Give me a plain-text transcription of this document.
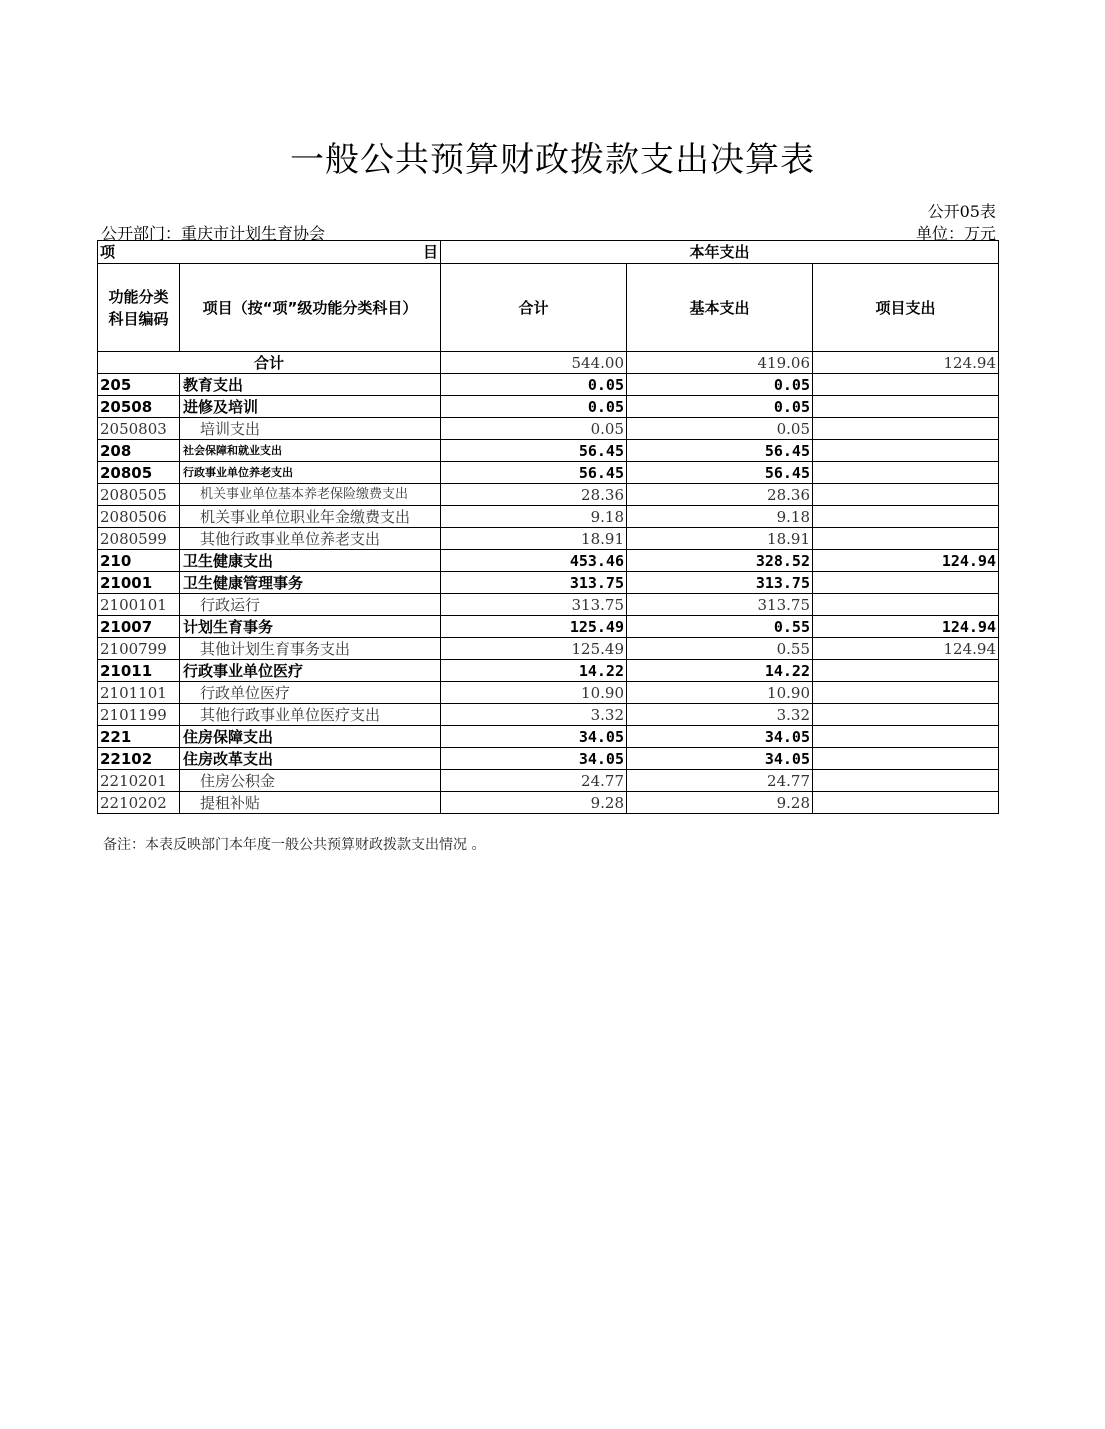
一般公共预算财政拨款支出决算表
公开05表
公开部门：重庆市计划生育协会	单位：万元
项 目		本年支出		
功能分类科目编码	项目（按“项”级功能分类科目）	合计	基本支出	项目支出
合计		544.00	419.06	124.94
205	教育支出	0.05	0.05	
20508	进修及培训	0.05	0.05	
2050803	培训支出	0.05	0.05	
208	社会保障和就业支出	56.45	56.45	
20805	行政事业单位养老支出	56.45	56.45	
2080505	机关事业单位基本养老保险缴费支出	28.36	28.36	
2080506	机关事业单位职业年金缴费支出	9.18	9.18	
2080599	其他行政事业单位养老支出	18.91	18.91	
210	卫生健康支出	453.46	328.52	124.94
21001	卫生健康管理事务	313.75	313.75	
2100101	行政运行	313.75	313.75	
21007	计划生育事务	125.49	0.55	124.94
2100799	其他计划生育事务支出	125.49	0.55	124.94
21011	行政事业单位医疗	14.22	14.22	
2101101	行政单位医疗	10.90	10.90	
2101199	其他行政事业单位医疗支出	3.32	3.32	
221	住房保障支出	34.05	34.05	
22102	住房改革支出	34.05	34.05	
2210201	住房公积金	24.77	24.77	
2210202	提租补贴	9.28	9.28	
备注：本表反映部门本年度一般公共预算财政拨款支出情况 。
